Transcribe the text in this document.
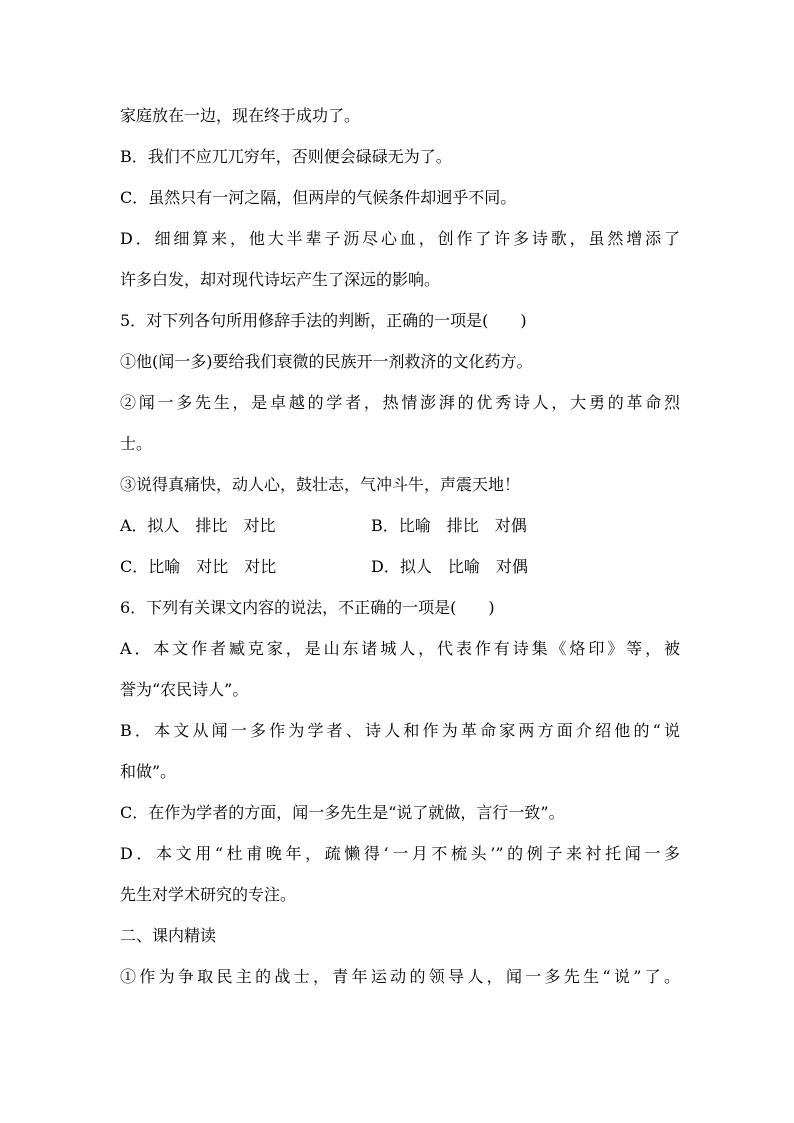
家庭放在一边，现在终于成功了。
B．我们不应兀兀穷年，否则便会碌碌无为了。
C．虽然只有一河之隔，但两岸的气候条件却迥乎不同。
D．细细算来，他大半辈子沥尽心血，创作了许多诗歌，虽然增添了
许多白发，却对现代诗坛产生了深远的影响。
5．对下列各句所用修辞手法的判断，正确的一项是(　　)
①他(闻一多)要给我们衰微的民族开一剂救济的文化药方。
②闻一多先生，是卓越的学者，热情澎湃的优秀诗人，大勇的革命烈
士。
③说得真痛快，动人心，鼓壮志，气冲斗牛，声震天地！
A．拟人　排比　对比	B．比喻　排比　对偶
C．比喻　对比　对比	D．拟人　比喻　对偶
6．下列有关课文内容的说法，不正确的一项是(　　)
A．本文作者臧克家，是山东诸城人，代表作有诗集《烙印》等，被
誉为“农民诗人”。
B．本文从闻一多作为学者、诗人和作为革命家两方面介绍他的“说
和做”。
C．在作为学者的方面，闻一多先生是“说了就做，言行一致”。
D．本文用“杜甫晚年，疏懒得‘一月不梳头’”的例子来衬托闻一多
先生对学术研究的专注。
二、课内精读
①作为争取民主的战士，青年运动的领导人，闻一多先生“说”了。
